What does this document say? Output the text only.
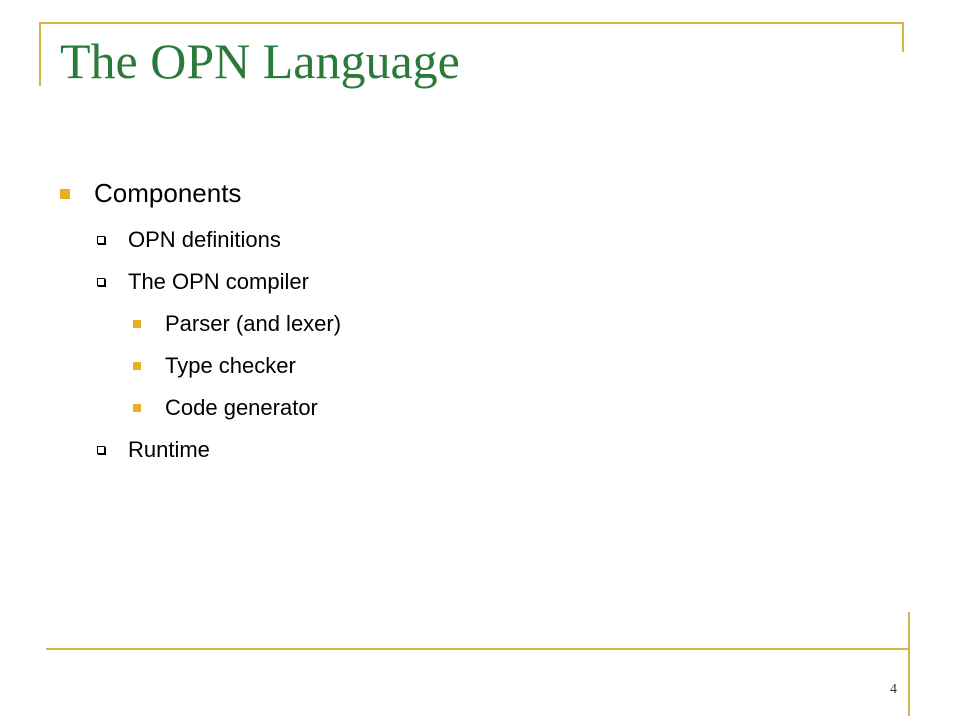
The OPN Language
Components
OPN definitions
The OPN compiler
Parser (and lexer)
Type checker
Code generator
Runtime
4
